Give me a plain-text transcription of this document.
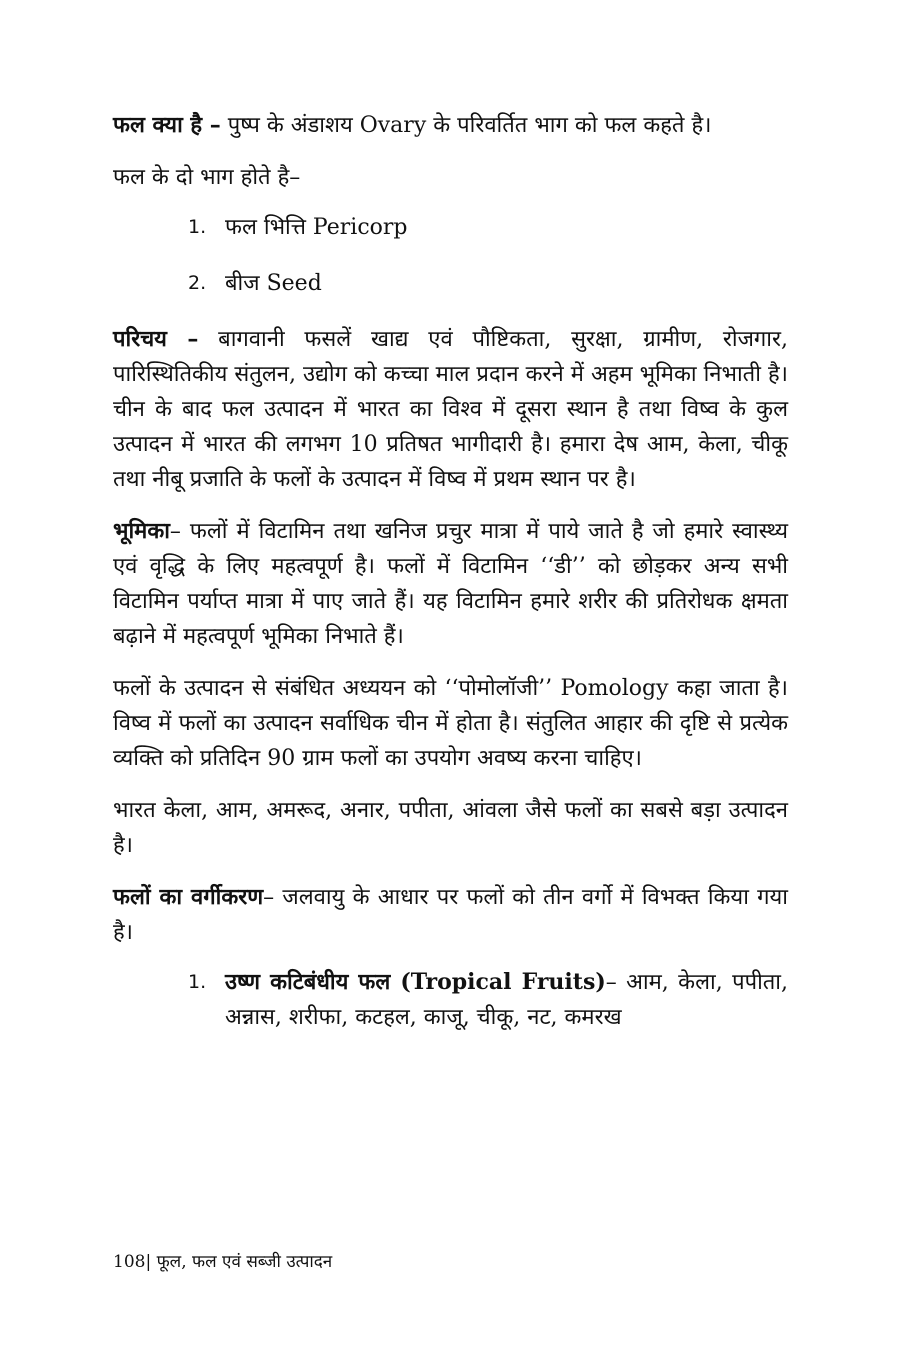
फल क्या है – पुष्प के अंडाशय Ovary के परिवर्तित भाग को फल कहते है।

फल के दो भाग होते है–

1. फल भित्ति Pericorp
2. बीज Seed

परिचय – बागवानी फसलें खाद्य एवं पौष्टिकता, सुरक्षा, ग्रामीण, रोजगार, पारिस्थितिकीय संतुलन, उद्योग को कच्चा माल प्रदान करने में अहम भूमिका निभाती है। चीन के बाद फल उत्पादन में भारत का विश्व में दूसरा स्थान है तथा विष्व के कुल उत्पादन में भारत की लगभग 10 प्रतिषत भागीदारी है। हमारा देष आम, केला, चीकू तथा नीबू प्रजाति के फलों के उत्पादन में विष्व में प्रथम स्थान पर है।

भूमिका– फलों में विटामिन तथा खनिज प्रचुर मात्रा में पाये जाते है जो हमारे स्वास्थ्य एवं वृद्धि के लिए महत्वपूर्ण है। फलों में विटामिन ‘‘डी’’ को छोड़कर अन्य सभी विटामिन पर्याप्त मात्रा में पाए जाते हैं। यह विटामिन हमारे शरीर की प्रतिरोधक क्षमता बढ़ाने में महत्वपूर्ण भूमिका निभाते हैं।

फलों के उत्पादन से संबंधित अध्ययन को ‘‘पोमोलॉजी’’ Pomology कहा जाता है। विष्व में फलों का उत्पादन सर्वाधिक चीन में होता है। संतुलित आहार की दृष्टि से प्रत्येक व्यक्ति को प्रतिदिन 90 ग्राम फलों का उपयोग अवष्य करना चाहिए।

भारत केला, आम, अमरूद, अनार, पपीता, आंवला जैसे फलों का सबसे बड़ा उत्पादन है।

फलों का वर्गीकरण– जलवायु के आधार पर फलों को तीन वर्गो में विभक्त किया गया है।

1. उष्ण कटिबंधीय फल (Tropical Fruits)– आम, केला, पपीता, अन्नास, शरीफा, कटहल, काजू, चीकू, नट, कमरख
108| फूल, फल एवं सब्जी उत्पादन
